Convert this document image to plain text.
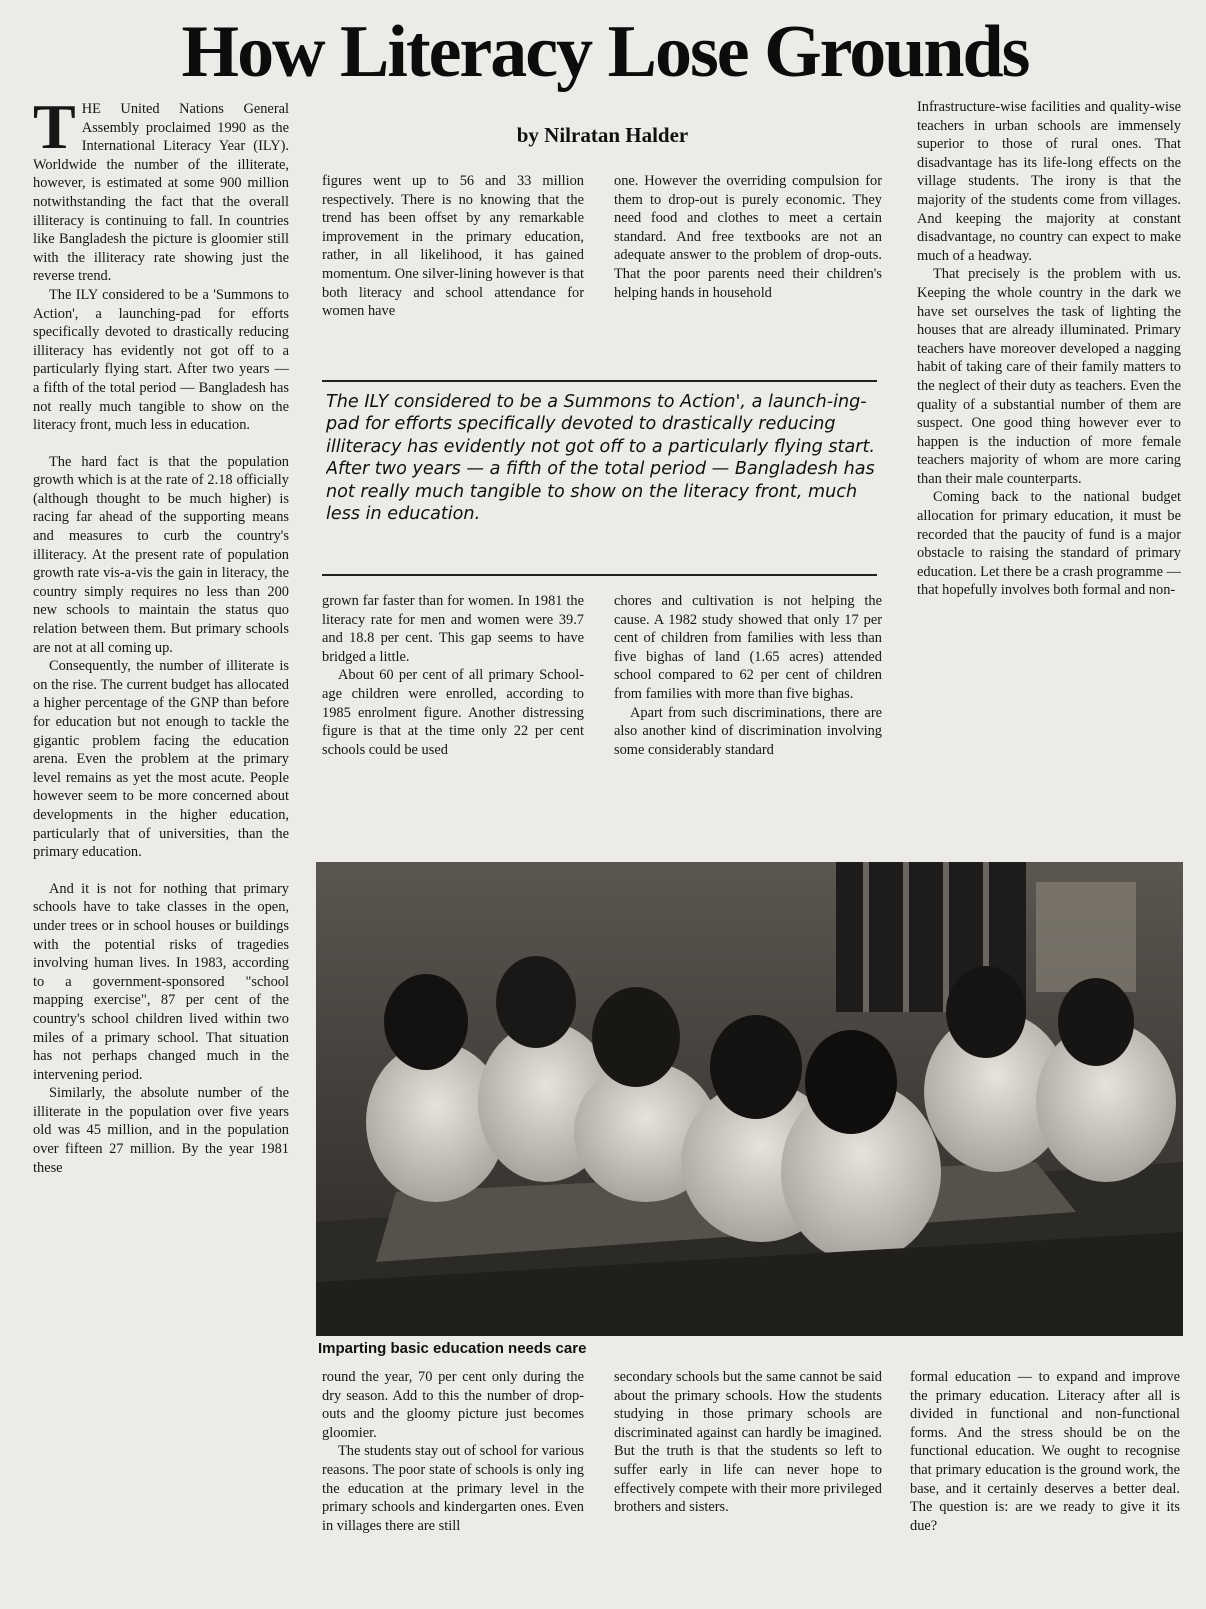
How Literacy Lose Grounds
by Nilratan Halder

THE United Nations General Assembly proclaimed 1990 as the International Literacy Year (ILY). Worldwide the number of the illiterate, however, is estimated at some 900 million notwithstanding the fact that the overall illiteracy is continuing to fall. In countries like Bangladesh the picture is gloomier still with the illiteracy rate showing just the reverse trend.

The ILY considered to be a 'Summons to Action', a launching-pad for efforts specifically devoted to drastically reducing illiteracy has evidently not got off to a particularly flying start. After two years — a fifth of the total period — Bangladesh has not really much tangible to show on the literacy front, much less in education.

The hard fact is that the population growth which is at the rate of 2.18 officially (although thought to be much higher) is racing far ahead of the supporting means and measures to curb the country's illiteracy. At the present rate of population growth rate vis-a-vis the gain in literacy, the country simply requires no less than 200 new schools to maintain the status quo relation between them. But primary schools are not at all coming up.

Consequently, the number of illiterate is on the rise. The current budget has allocated a higher percentage of the GNP than before for education but not enough to tackle the gigantic problem facing the education arena. Even the problem at the primary level remains as yet the most acute. People however seem to be more concerned about developments in the higher education, particularly that of universities, than the primary education.

And it is not for nothing that primary schools have to take classes in the open, under trees or in school houses or buildings with the potential risks of tragedies involving human lives. In 1983, according to a government-sponsored "school mapping exercise", 87 per cent of the country's school children lived within two miles of a primary school. That situation has not perhaps changed much in the intervening period.

Similarly, the absolute number of the illiterate in the population over five years old was 45 million, and in the population over fifteen 27 million. By the year 1981 these

figures went up to 56 and 33 million respectively. There is no knowing that the trend has been offset by any remarkable improvement in the primary education, rather, in all likelihood, it has gained momentum. One silver-lining however is that both literacy and school attendance for women have

one. However the overriding compulsion for them to drop-out is purely economic. They need food and clothes to meet a certain standard. And free textbooks are not an adequate answer to the problem of drop-outs. That the poor parents need their children's helping hands in household

Infrastructure-wise facilities and quality-wise teachers in urban schools are immensely superior to those of rural ones. That disadvantage has its life-long effects on the village students. The irony is that the majority of the students come from villages. And keeping the majority at constant disadvantage, no country can expect to make much of a headway.

That precisely is the problem with us. Keeping the whole country in the dark we have set ourselves the task of lighting the houses that are already illuminated. Primary teachers have moreover developed a nagging habit of taking care of their family matters to the neglect of their duty as teachers. Even the quality of a substantial number of them are suspect. One good thing however ever to happen is the induction of more female teachers majority of whom are more caring than their male counterparts.

Coming back to the national budget allocation for primary education, it must be recorded that the paucity of fund is a major obstacle to raising the standard of primary education. Let there be a crash programme — that hopefully involves both formal and non-

The ILY considered to be a Summons to Action', a launch-ing-pad for efforts specifically devoted to drastically reducing illiteracy has evidently not got off to a particularly flying start. After two years — a fifth of the total period — Bangladesh has not really much tangible to show on the literacy front, much less in education.

grown far faster than for women. In 1981 the literacy rate for men and women were 39.7 and 18.8 per cent. This gap seems to have bridged a little.

About 60 per cent of all primary School-age children were enrolled, according to 1985 enrolment figure. Another distressing figure is that at the time only 22 per cent schools could be used

chores and cultivation is not helping the cause. A 1982 study showed that only 17 per cent of children from families with less than five bighas of land (1.65 acres) attended school compared to 62 per cent of children from families with more than five bighas.

Apart from such discriminations, there are also another kind of discrimination involving some considerably standard

Imparting basic education needs care

round the year, 70 per cent only during the dry season. Add to this the number of drop-outs and the gloomy picture just becomes gloomier.

The students stay out of school for various reasons. The poor state of schools is only ing the education at the primary level in the primary schools and kindergarten ones. Even in villages there are still

secondary schools but the same cannot be said about the primary schools. How the students studying in those primary schools are discriminated against can hardly be imagined. But the truth is that the students so left to suffer early in life can never hope to effectively compete with their more privileged brothers and sisters.

formal education — to expand and improve the primary education. Literacy after all is divided in functional and non-functional forms. And the stress should be on the functional education. We ought to recognise that primary education is the ground work, the base, and it certainly deserves a better deal. The question is: are we ready to give it its due?
